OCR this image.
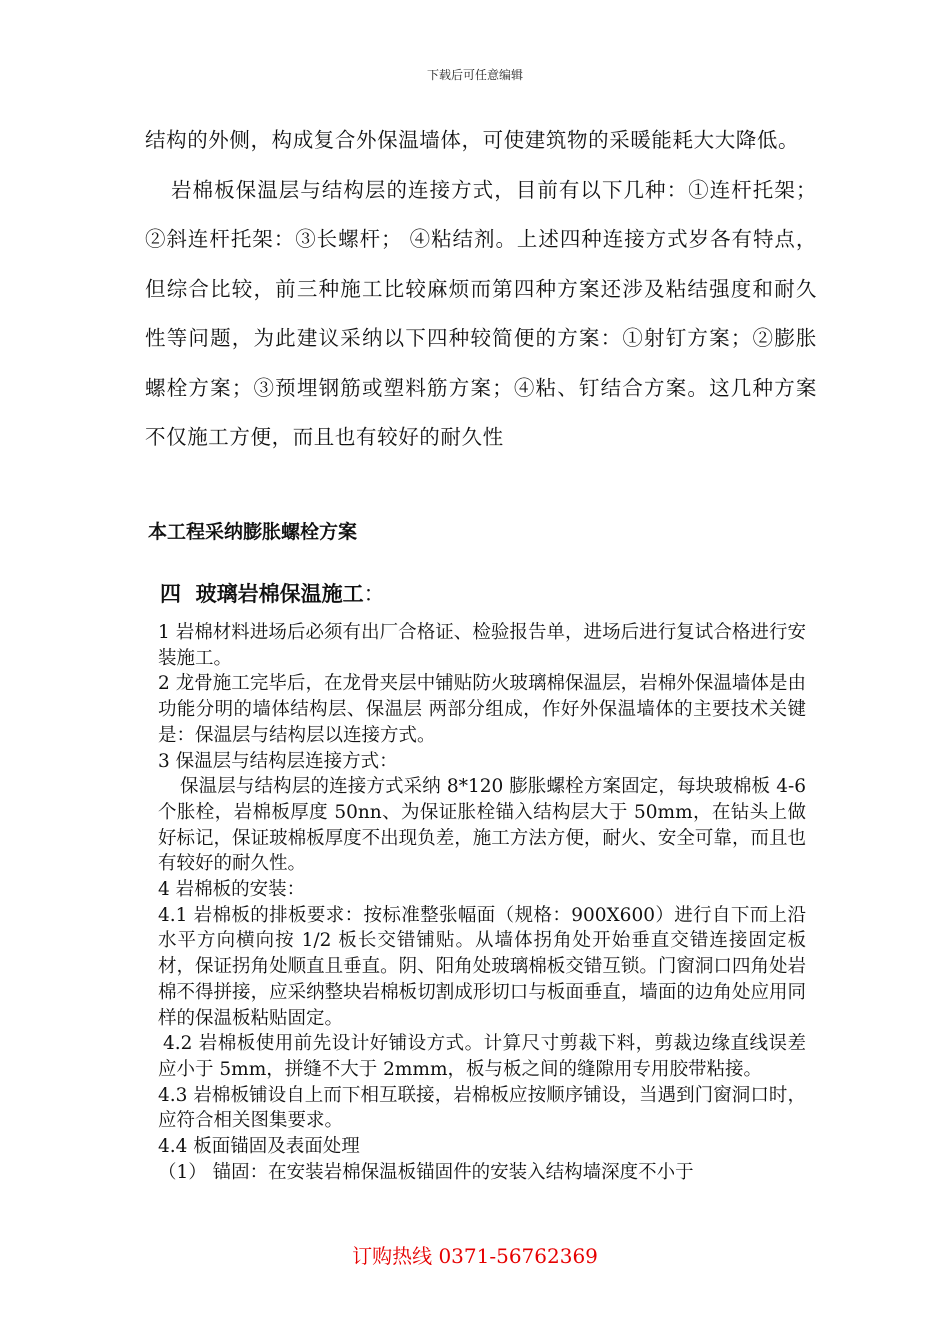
下载后可任意编辑

结构的外侧，构成复合外保温墙体，可使建筑物的采暖能耗大大降低。

岩棉板保温层与结构层的连接方式，目前有以下几种：①连杆托架；②斜连杆托架：③长螺杆； ④粘结剂。上述四种连接方式岁各有特点，但综合比较，前三种施工比较麻烦而第四种方案还涉及粘结强度和耐久性等问题，为此建议采纳以下四种较简便的方案：①射钉方案；②膨胀螺栓方案；③预埋钢筋或塑料筋方案；④粘、钉结合方案。这几种方案不仅施工方便，而且也有较好的耐久性

本工程采纳膨胀螺栓方案
四 玻璃岩棉保温施工：

1 岩棉材料进场后必须有出厂合格证、检验报告单，进场后进行复试合格进行安装施工。

2 龙骨施工完毕后，在龙骨夹层中铺贴防火玻璃棉保温层，岩棉外保温墙体是由功能分明的墙体结构层、保温层 两部分组成，作好外保温墙体的主要技术关键是：保温层与结构层以连接方式。

3 保温层与结构层连接方式：

保温层与结构层的连接方式采纳 8*120 膨胀螺栓方案固定，每块玻棉板 4-6 个胀栓，岩棉板厚度 50nn、为保证胀栓锚入结构层大于 50mm，在钻头上做好标记，保证玻棉板厚度不出现负差，施工方法方便，耐火、安全可靠，而且也有较好的耐久性。

4 岩棉板的安装：

4.1 岩棉板的排板要求：按标准整张幅面（规格：900X600）进行自下而上沿水平方向横向按 1/2 板长交错铺贴。从墙体拐角处开始垂直交错连接固定板材，保证拐角处顺直且垂直。阴、阳角处玻璃棉板交错互锁。门窗洞口四角处岩棉不得拼接，应采纳整块岩棉板切割成形切口与板面垂直，墙面的边角处应用同样的保温板粘贴固定。

4.2 岩棉板使用前先设计好铺设方式。计算尺寸剪裁下料，剪裁边缘直线误差应小于 5mm，拼缝不大于 2mmm，板与板之间的缝隙用专用胶带粘接。

4.3 岩棉板铺设自上而下相互联接，岩棉板应按顺序铺设，当遇到门窗洞口时，应符合相关图集要求。

4.4 板面锚固及表面处理

（1） 锚固：在安装岩棉保温板锚固件的安装入结构墙深度不小于

订购热线 0371-56762369
